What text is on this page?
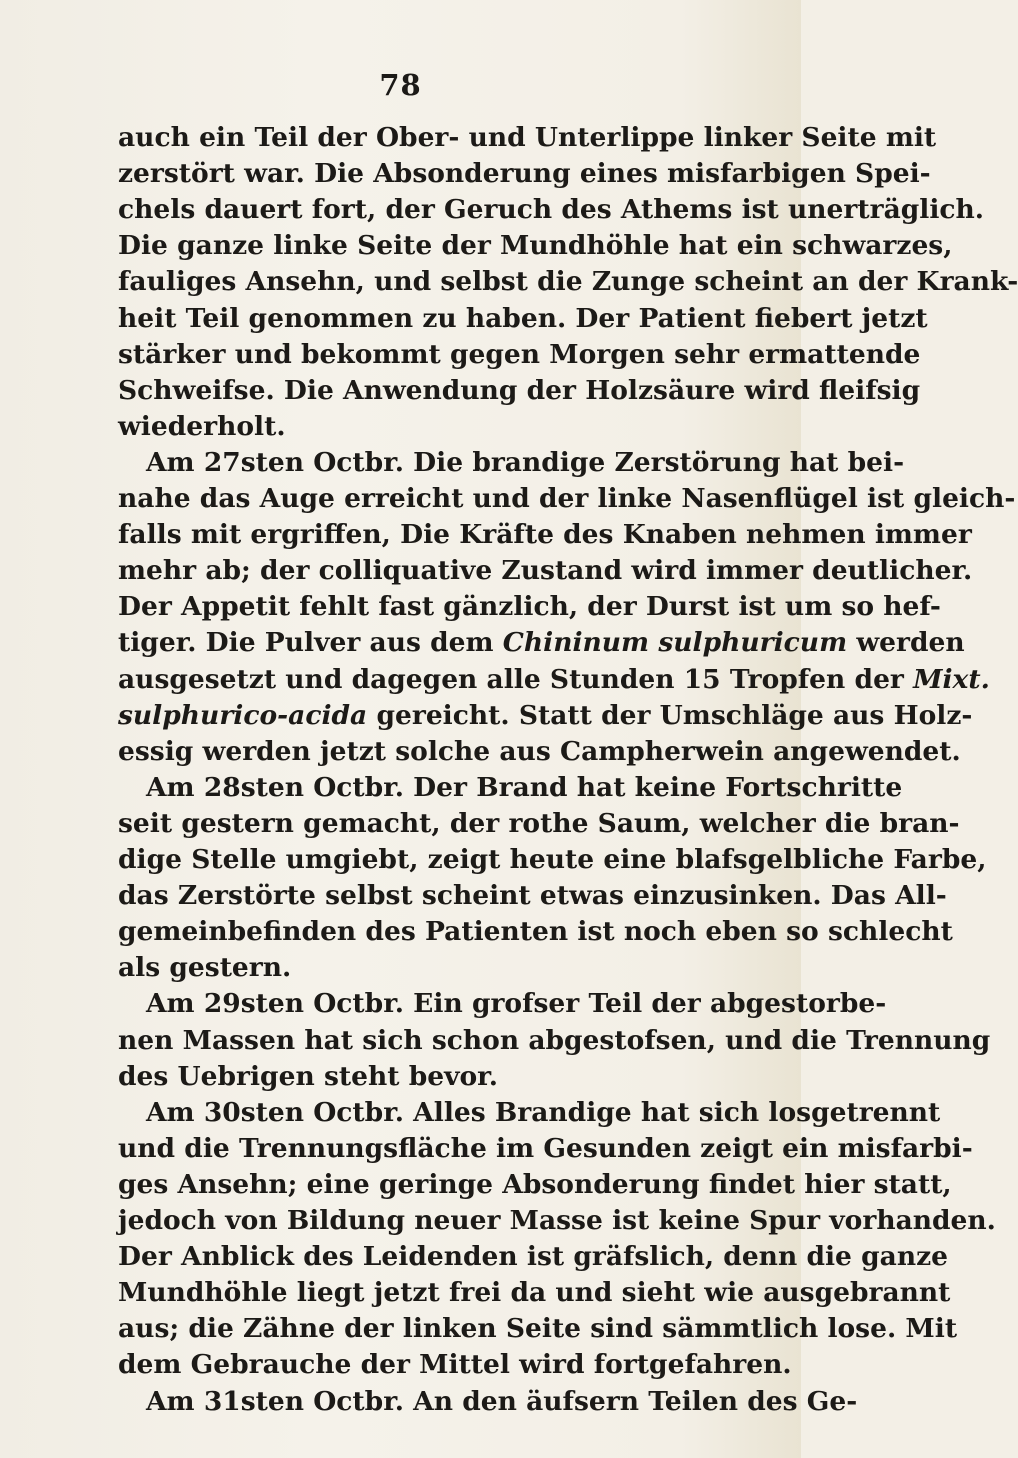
78
auch ein Teil der Ober- und Unterlippe linker Seite mit
zerstört war. Die Absonderung eines misfarbigen Spei-
chels dauert fort, der Geruch des Athems ist unerträglich.
Die ganze linke Seite der Mundhöhle hat ein schwarzes,
fauliges Ansehn, und selbst die Zunge scheint an der Krank-
heit Teil genommen zu haben. Der Patient fiebert jetzt
stärker und bekommt gegen Morgen sehr ermattende
Schweifse. Die Anwendung der Holzsäure wird fleifsig
wiederholt.
Am 27sten Octbr. Die brandige Zerstörung hat bei-
nahe das Auge erreicht und der linke Nasenflügel ist gleich-
falls mit ergriffen, Die Kräfte des Knaben nehmen immer
mehr ab; der colliquative Zustand wird immer deutlicher.
Der Appetit fehlt fast gänzlich, der Durst ist um so hef-
tiger. Die Pulver aus dem Chininum sulphuricum werden
ausgesetzt und dagegen alle Stunden 15 Tropfen der Mixt.
sulphurico-acida gereicht. Statt der Umschläge aus Holz-
essig werden jetzt solche aus Campherwein angewendet.
Am 28sten Octbr. Der Brand hat keine Fortschritte
seit gestern gemacht, der rothe Saum, welcher die bran-
dige Stelle umgiebt, zeigt heute eine blafsgelbliche Farbe,
das Zerstörte selbst scheint etwas einzusinken. Das All-
gemeinbefinden des Patienten ist noch eben so schlecht
als gestern.
Am 29sten Octbr. Ein grofser Teil der abgestorbe-
nen Massen hat sich schon abgestofsen, und die Trennung
des Uebrigen steht bevor.
Am 30sten Octbr. Alles Brandige hat sich losgetrennt
und die Trennungsfläche im Gesunden zeigt ein misfarbi-
ges Ansehn; eine geringe Absonderung findet hier statt,
jedoch von Bildung neuer Masse ist keine Spur vorhanden.
Der Anblick des Leidenden ist gräfslich, denn die ganze
Mundhöhle liegt jetzt frei da und sieht wie ausgebrannt
aus; die Zähne der linken Seite sind sämmtlich lose. Mit
dem Gebrauche der Mittel wird fortgefahren.
Am 31sten Octbr. An den äufsern Teilen des Ge-
